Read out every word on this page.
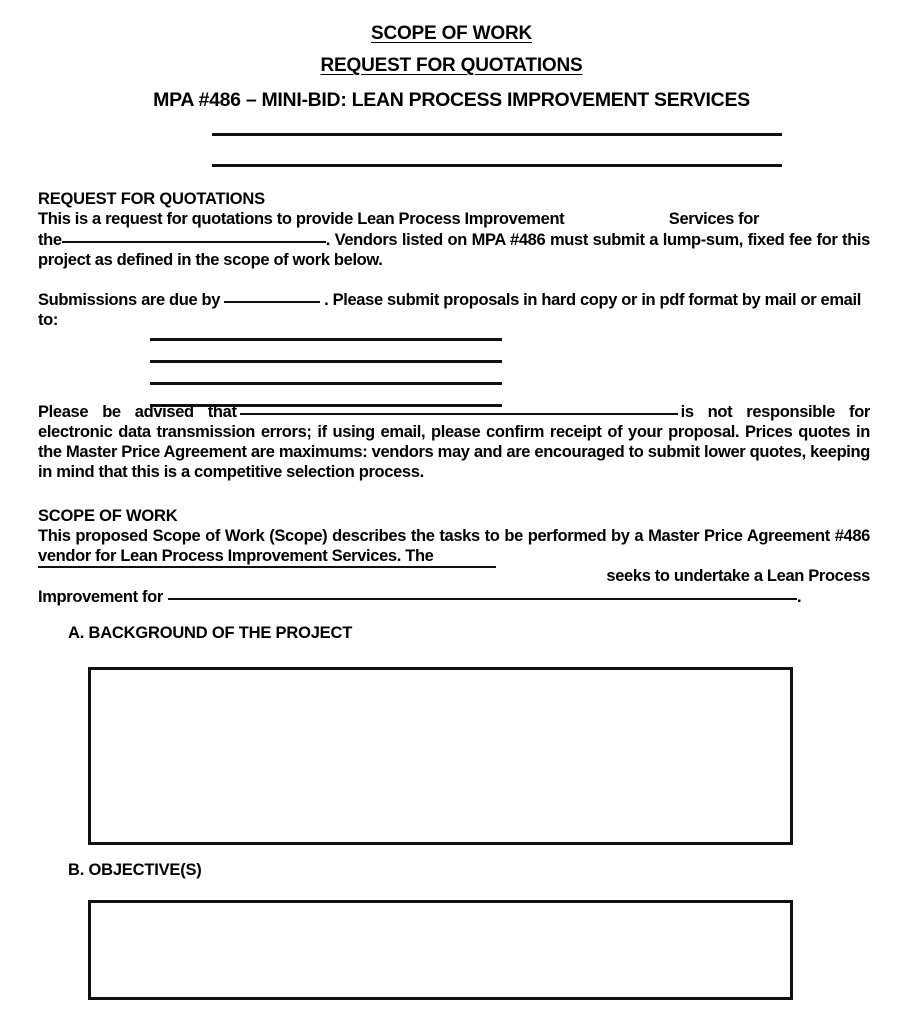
SCOPE OF WORK
REQUEST FOR QUOTATIONS
MPA #486 – MINI-BID: LEAN PROCESS IMPROVEMENT SERVICES
REQUEST FOR QUOTATIONS

This is a request for quotations to provide Lean Process Improvement	Services for

the	. Vendors listed on MPA #486 must submit a lump-sum, fixed fee for this project as defined in the scope of work below.

Submissions are due by	. Please submit proposals in hard copy or in pdf format by mail or email to:

Please be advised that	is not responsible for electronic data transmission errors; if using email, please confirm receipt of your proposal. Prices quotes in the Master Price Agreement are maximums: vendors may and are encouraged to submit lower quotes, keeping in mind that this is a competitive selection process.

SCOPE OF WORK

This proposed Scope of Work (Scope) describes the tasks to be performed by a Master Price Agreement #486 vendor for Lean Process Improvement Services. The

seeks to undertake a Lean Process

Improvement for	.

A. BACKGROUND OF THE PROJECT
B. OBJECTIVE(S)
